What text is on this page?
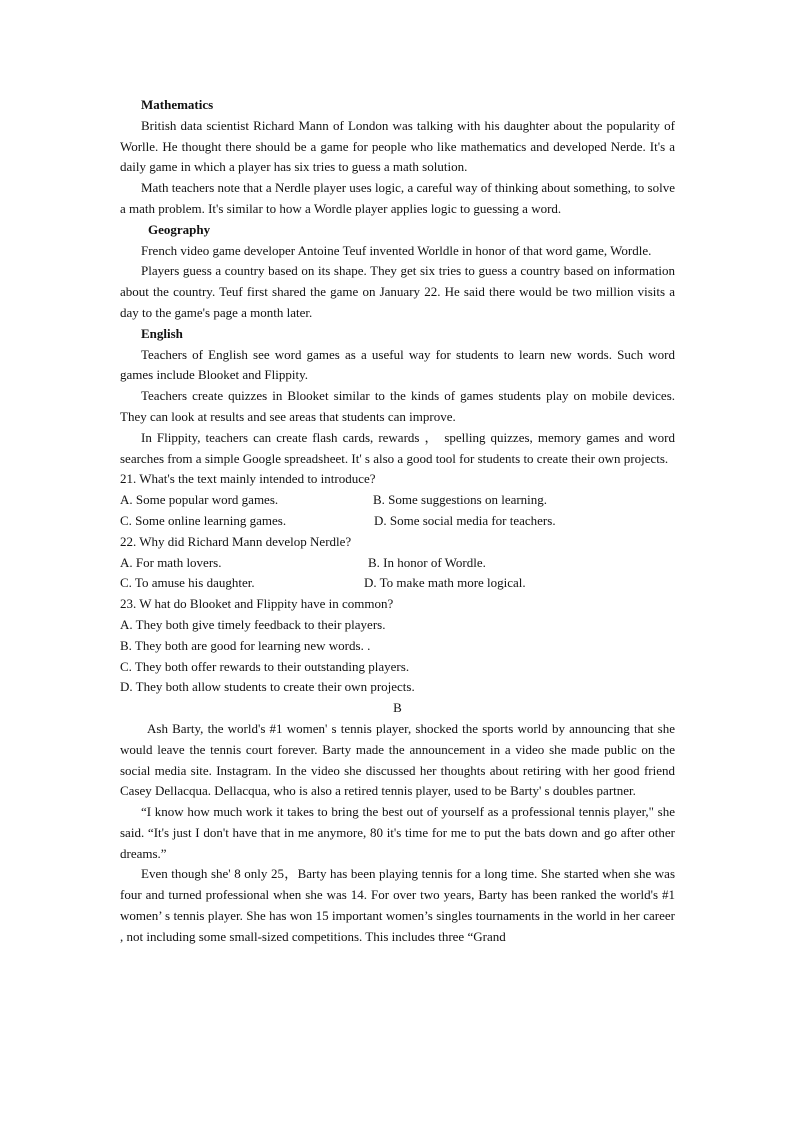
Mathematics

British data scientist Richard Mann of London was talking with his daughter about the popularity of Worlle. He thought there should be a game for people who like mathematics and developed Nerde. It's a daily game in which a player has six tries to guess a math solution.

Math teachers note that a Nerdle player uses logic, a careful way of thinking about something, to solve a math problem. It's similar to how a Wordle player applies logic to guessing a word.

Geography

French video game developer Antoine Teuf invented Worldle in honor of that word game, Wordle.

Players guess a country based on its shape. They get six tries to guess a country based on information about the country. Teuf first shared the game on January 22. He said there would be two million visits a day to the game's page a month later.

English

Teachers of English see word games as a useful way for students to learn new words. Such word games include Blooket and Flippity.

Teachers create quizzes in Blooket similar to the kinds of games students play on mobile devices. They can look at results and see areas that students can improve.

In Flippity, teachers can create flash cards, rewards ， spelling quizzes, memory games and word searches from a simple Google spreadsheet. It' s also a good tool for students to create their own projects.

21. What's the text mainly intended to introduce?

A. Some popular word games.	B. Some suggestions on learning.
C. Some online learning games.	D. Some social media for teachers.

22. Why did Richard Mann develop Nerdle?

A. For math lovers.	B. In honor of Wordle.
C. To amuse his daughter.	D. To make math more logical.

23. W hat do Blooket and Flippity have in common?

A. They both give timely feedback to their players.

B. They both are good for learning new words. .

C. They both offer rewards to their outstanding players.

D. They both allow students to create their own projects.

B

Ash Barty, the world's #1 women' s tennis player, shocked the sports world by announcing that she would leave the tennis court forever. Barty made the announcement in a video she made public on the social media site. Instagram. In the video she discussed her thoughts about retiring with her good friend Casey Dellacqua. Dellacqua, who is also a retired tennis player, used to be Barty' s doubles partner.

“I know how much work it takes to bring the best out of yourself as a professional tennis player," she said. “It's just I don't have that in me anymore, 80 it's time for me to put the bats down and go after other dreams.”

Even though she' 8 only 25，Barty has been playing tennis for a long time. She started when she was four and turned professional when she was 14. For over two years, Barty has been ranked the world's #1 women’ s tennis player. She has won 15 important women’s singles tournaments in the world in her career , not including some small-sized competitions. This includes three “Grand
